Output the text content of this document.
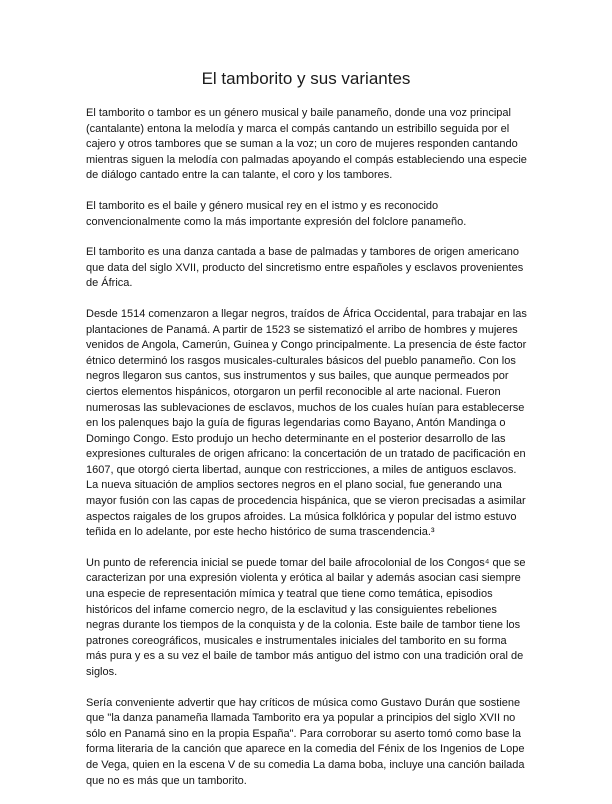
El tamborito y sus variantes

El tamborito o tambor es un género musical y baile panameño, donde una voz principal (cantalante) entona la melodía y marca el compás cantando un estribillo seguida por el cajero y otros tambores que se suman a la voz; un coro de mujeres responden cantando mientras siguen la melodía con palmadas apoyando el compás estableciendo una especie de diálogo cantado entre la can talante, el coro y los tambores.

El tamborito es el baile y género musical rey en el istmo y es reconocido convencionalmente como la más importante expresión del folclore panameño.

El tamborito es una danza cantada a base de palmadas y tambores de origen americano que data del siglo XVII, producto del sincretismo entre españoles y esclavos provenientes de África.

Desde 1514 comenzaron a llegar negros, traídos de África Occidental, para trabajar en las plantaciones de Panamá. A partir de 1523 se sistematizó el arribo de hombres y mujeres venidos de Angola, Camerún, Guinea y Congo principalmente. La presencia de éste factor étnico determinó los rasgos musicales-culturales básicos del pueblo panameño. Con los negros llegaron sus cantos, sus instrumentos y sus bailes, que aunque permeados por ciertos elementos hispánicos, otorgaron un perfil reconocible al arte nacional. Fueron numerosas las sublevaciones de esclavos, muchos de los cuales huían para establecerse en los palenques bajo la guía de figuras legendarias como Bayano, Antón Mandinga o Domingo Congo. Esto produjo un hecho determinante en el posterior desarrollo de las expresiones culturales de origen africano: la concertación de un tratado de pacificación en 1607, que otorgó cierta libertad, aunque con restricciones, a miles de antiguos esclavos. La nueva situación de amplios sectores negros en el plano social, fue generando una mayor fusión con las capas de procedencia hispánica, que se vieron precisadas a asimilar aspectos raigales de los grupos afroides. La música folklórica y popular del istmo estuvo teñida en lo adelante, por este hecho histórico de suma trascendencia.³

Un punto de referencia inicial se puede tomar del baile afrocolonial de los Congos⁴ que se caracterizan por una expresión violenta y erótica al bailar y además asocian casi siempre una especie de representación mímica y teatral que tiene como temática, episodios históricos del infame comercio negro, de la esclavitud y las consiguientes rebeliones negras durante los tiempos de la conquista y de la colonia. Este baile de tambor tiene los patrones coreográficos, musicales e instrumentales iniciales del tamborito en su forma más pura y es a su vez el baile de tambor más antiguo del istmo con una tradición oral de siglos.

Sería conveniente advertir que hay críticos de música como Gustavo Durán que sostiene que "la danza panameña llamada Tamborito era ya popular a principios del siglo XVII no sólo en Panamá sino en la propia España". Para corroborar su aserto tomó como base la forma literaria de la canción que aparece en la comedia del Fénix de los Ingenios de Lope de Vega, quien en la escena V de su comedia La dama boba, incluye una canción bailada que no es más que un tamborito.
